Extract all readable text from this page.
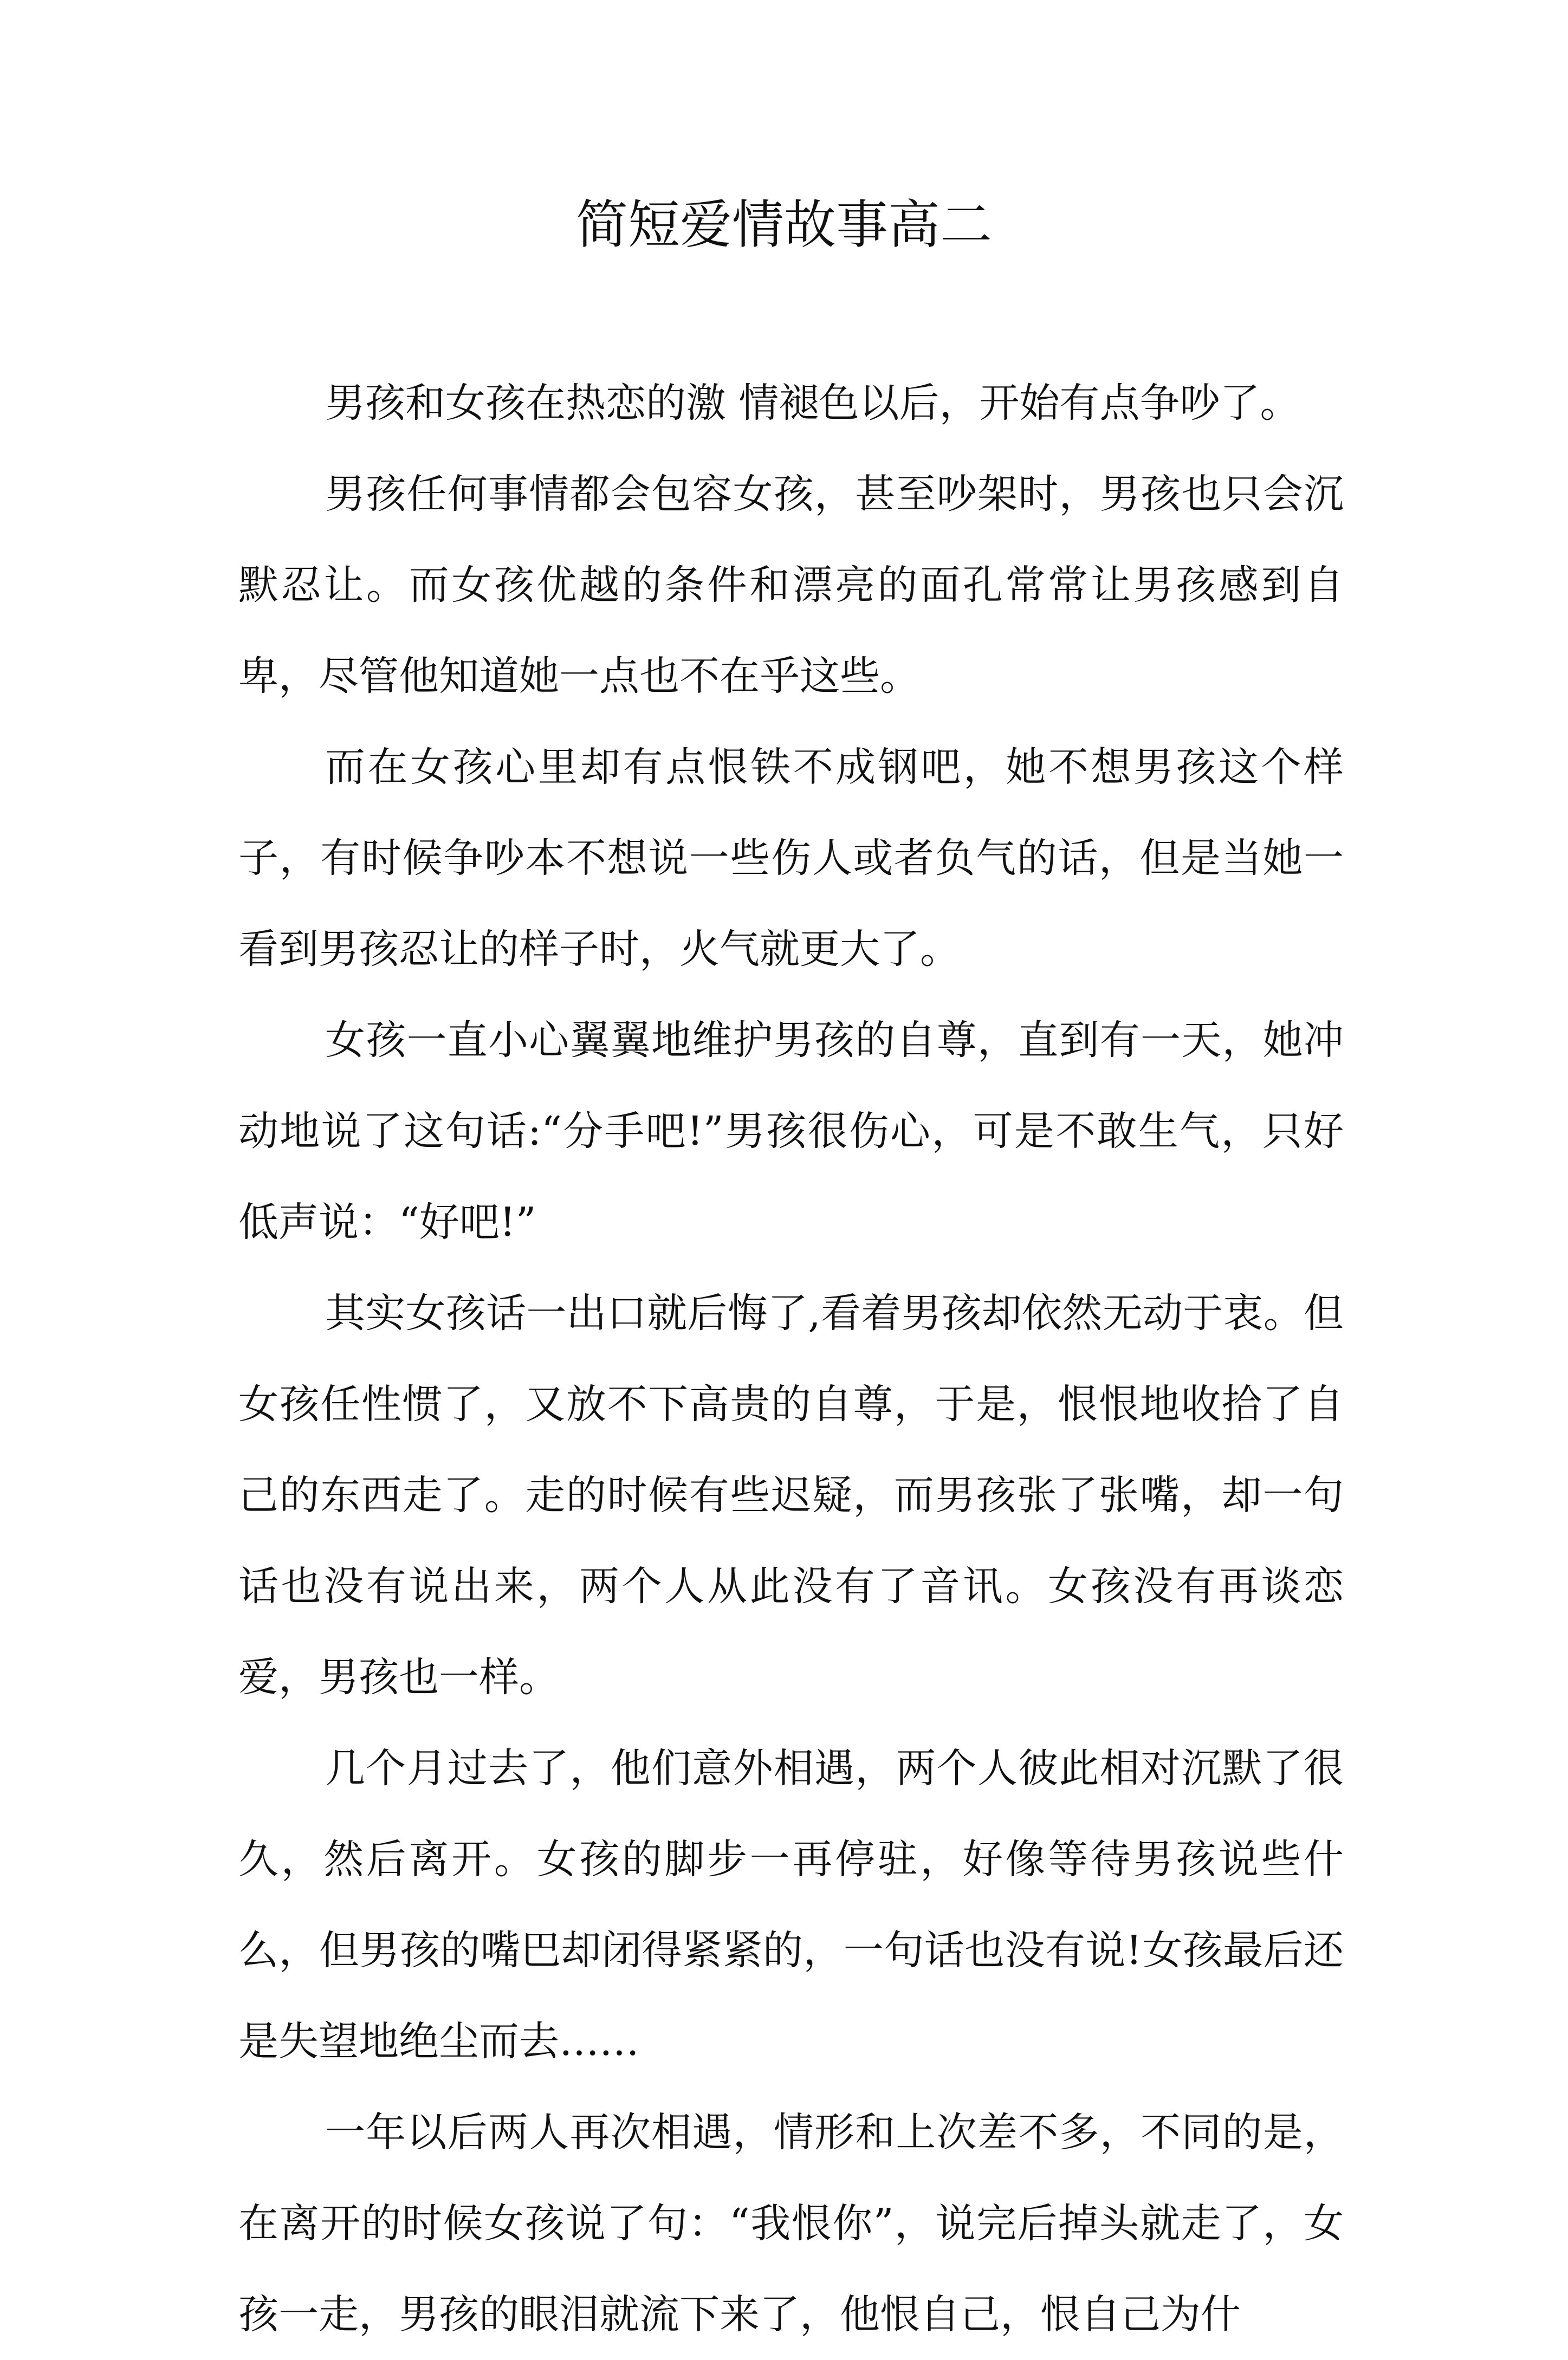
简短爱情故事高二

男孩和女孩在热恋的激 情褪色以后，开始有点争吵了。

男孩任何事情都会包容女孩，甚至吵架时，男孩也只会沉默忍让。而女孩优越的条件和漂亮的面孔常常让男孩感到自卑，尽管他知道她一点也不在乎这些。

而在女孩心里却有点恨铁不成钢吧，她不想男孩这个样子，有时候争吵本不想说一些伤人或者负气的话，但是当她一看到男孩忍让的样子时，火气就更大了。

女孩一直小心翼翼地维护男孩的自尊，直到有一天，她冲动地说了这句话:“分手吧!”男孩很伤心，可是不敢生气，只好低声说：“好吧!”

其实女孩话一出口就后悔了,看着男孩却依然无动于衷。但女孩任性惯了，又放不下高贵的自尊，于是，恨恨地收拾了自己的东西走了。走的时候有些迟疑，而男孩张了张嘴，却一句话也没有说出来，两个人从此没有了音讯。女孩没有再谈恋爱，男孩也一样。

几个月过去了，他们意外相遇，两个人彼此相对沉默了很久，然后离开。女孩的脚步一再停驻，好像等待男孩说些什么，但男孩的嘴巴却闭得紧紧的，一句话也没有说!女孩最后还是失望地绝尘而去……

一年以后两人再次相遇，情形和上次差不多，不同的是，在离开的时候女孩说了句：“我恨你”，说完后掉头就走了，女孩一走，男孩的眼泪就流下来了，他恨自己，恨自己为什
